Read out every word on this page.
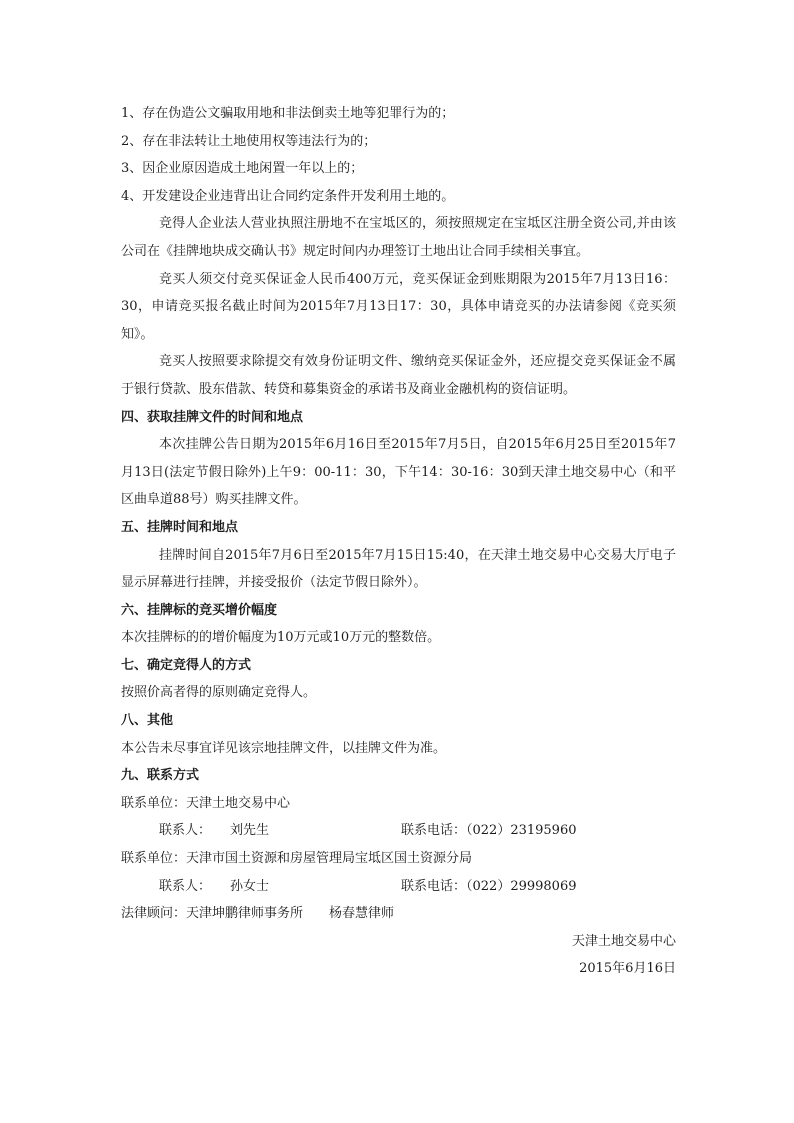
1、存在伪造公文骗取用地和非法倒卖土地等犯罪行为的；

2、存在非法转让土地使用权等违法行为的；

3、因企业原因造成土地闲置一年以上的；

4、开发建设企业违背出让合同约定条件开发利用土地的。

竞得人企业法人营业执照注册地不在宝坻区的，须按照规定在宝坻区注册全资公司,并由该公司在《挂牌地块成交确认书》规定时间内办理签订土地出让合同手续相关事宜。

竞买人须交付竞买保证金人民币400万元，竞买保证金到账期限为2015年7月13日16：30，申请竞买报名截止时间为2015年7月13日17：30，具体申请竞买的办法请参阅《竞买须知》。

竞买人按照要求除提交有效身份证明文件、缴纳竞买保证金外，还应提交竞买保证金不属于银行贷款、股东借款、转贷和募集资金的承诺书及商业金融机构的资信证明。

四、获取挂牌文件的时间和地点

本次挂牌公告日期为2015年6月16日至2015年7月5日，自2015年6月25日至2015年7月13日(法定节假日除外)上午9：00-11：30，下午14：30-16：30到天津土地交易中心（和平区曲阜道88号）购买挂牌文件。

五、挂牌时间和地点

挂牌时间自2015年7月6日至2015年7月15日15:40，在天津土地交易中心交易大厅电子显示屏幕进行挂牌，并接受报价（法定节假日除外）。

六、挂牌标的竞买增价幅度

本次挂牌标的的增价幅度为10万元或10万元的整数倍。

七、确定竞得人的方式

按照价高者得的原则确定竞得人。

八、其他

本公告未尽事宜详见该宗地挂牌文件，以挂牌文件为准。

九、联系方式

联系单位：天津土地交易中心

联系人：	刘先生	联系电话：（022）23195960

联系单位：天津市国土资源和房屋管理局宝坻区国土资源分局

联系人：	孙女士	联系电话：（022）29998069

法律顾问：天津坤鹏律师事务所　　杨春慧律师

天津土地交易中心

2015年6月16日
